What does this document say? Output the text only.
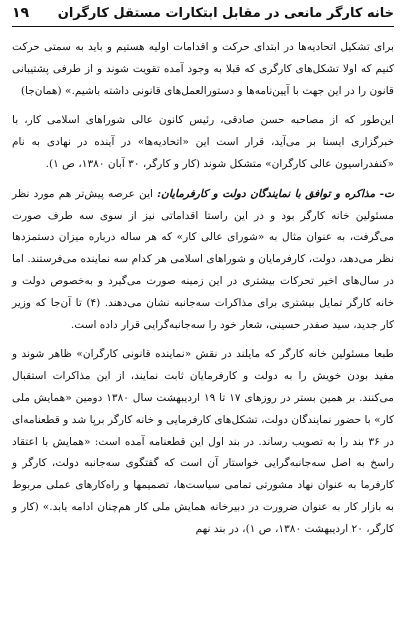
خانه کارگر مانعی در مقابل ابتکارات مستقل کارگران
۱۹

برای تشکیل اتحادیه‌ها در ابتدای حرکت و اقدامات اولیه هستیم و باید به سمتی حرکت کنیم که اولا تشکل‌های کارگری که قبلا به وجود آمده تقویت شوند و از طرفی پشتیبانی قانون را در این جهت با آیین‌نامه‌ها و دستورالعمل‌های قانونی داشته باشیم.» (همان‌جا)

این‌طور که از مصاحبه حسن صادقی، رئیس کانون عالی شوراهای اسلامی کار، با خبرگزاری ایسنا بر می‌آید، قرار است این «اتحادیه‌ها» در آینده در نهادی به نام «کنفدراسیون عالی کارگران» متشکل شوند (کار و کارگر، ۳۰ آبان ۱۳۸۰، ص ۱).

ت- مذاکره و توافق با نمایندگان دولت و کارفرمایان: این عرصه پیش‌تر هم مورد نظر مسئولین خانه کارگر بود و در این راستا اقداماتی نیز از سوی سه طرف صورت می‌گرفت، به عنوان مثال به «شورای عالی کار» که هر ساله درباره میزان دستمزدها نظر می‌دهد، دولت، کارفرمایان و شوراهای اسلامی هر کدام سه نماینده می‌فرستند. اما در سال‌های اخیر تحرکات بیشتری در این زمینه صورت می‌گیرد و به‌خصوص دولت و خانه کارگر تمایل بیشتری برای مذاکرات سه‌جانبه نشان می‌دهند. (۴) تا آن‌جا که وزیر کار جدید، سید صفدر حسینی، شعار خود را سه‌جانبه‌گرایی قرار داده است.

طبعا مسئولین خانه کارگر که مایلند در نقش «نماینده قانونی کارگران» ظاهر شوند و مفید بودن خویش را به دولت و کارفرمایان ثابت نمایند، از این مذاکرات استقبال می‌کنند. بر همین بستر در روزهای ۱۷ تا ۱۹ اردیبهشت سال ۱۳۸۰ دومین «همایش ملی کار» با حضور نمایندگان دولت، تشکل‌های کارفرمایی و خانه کارگر برپا شد و قطعنامه‌ای در ۳۶ بند را به تصویب رساند. در بند اول این قطعنامه آمده است: «همایش با اعتقاد راسخ به اصل سه‌جانبه‌گرایی خواستار آن است که گفتگوی سه‌جانبه دولت، کارگر و کارفرما به عنوان نهاد مشورتی تمامی سیاست‌ها، تصمیمها و راه‌کارهای عملی مربوط به بازار کار به عنوان ضرورت در دبیرخانه همایش ملی کار هم‌چنان ادامه یابد.» (کار و کارگر، ۲۰ اردیبهشت ۱۳۸۰، ص ۱)، در بند نهم
